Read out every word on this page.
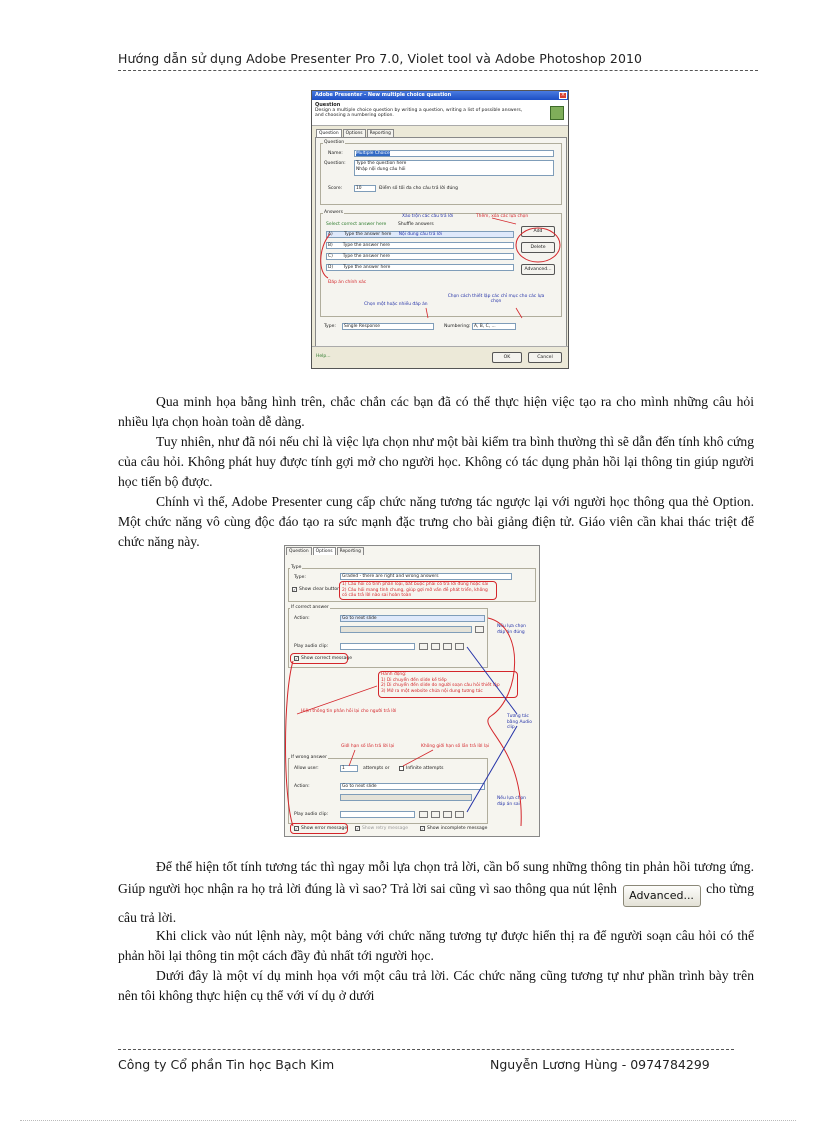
Hướng dẫn sử dụng Adobe Presenter Pro 7.0, Violet tool và Adobe Photoshop 2010
Adobe Presenter - New multiple choice question	×
Question

Design a multiple choice question by writing a question, writing a list of possible answers, and choosing a numbering option.
Question	Options	Reporting
Question
Name:	Multiple Choice
Question:	Type the question here
Nhập nội dung câu hỏi
Score:	10	Điểm số tối đa cho câu trả lời đúng
Answers
Select correct answer here	Shuffle answers
Xáo trộn các câu trả lời	Thêm, xóa các lựa chọn
A)	Type the answer here Nội dung câu trả lời
B) Type the answer here
C) Type the answer here
D) Type the answer here
Add
Delete
Advanced...
Đáp án chính xác
Chọn một hoặc nhiều đáp án
Chọn cách thiết lập các chỉ mục cho các lựa chọn
Type:	Single Response	Numbering: A, B, C, ...
Help...	OK	Cancel

Qua minh họa bằng hình trên, chắc chắn các bạn đã có thể thực hiện việc tạo ra cho mình những câu hỏi nhiều lựa chọn hoàn toàn dễ dàng.

Tuy nhiên, như đã nói nếu chỉ là việc lựa chọn như một bài kiểm tra bình thường thì sẽ dẫn đến tính khô cứng của câu hỏi. Không phát huy được tính gợi mở cho người học. Không có tác dụng phản hồi lại thông tin giúp người học tiến bộ được.

Chính vì thế, Adobe Presenter cung cấp chức năng tương tác ngược lại với người học thông qua thẻ Option. Một chức năng vô cùng độc đáo tạo ra sức mạnh đặc trưng cho bài giảng điện tử. Giáo viên cần khai thác triệt để chức năng này.

Question	Options	Reporting
Type
Type:	Graded - there are right and wrong answers
✓ Show clear button
1) Câu hỏi có tính phân loại, bắt buộc phải có trả lời đúng hoặc sai
2) Câu hỏi mang tính chung, giúp gợi mở vấn đề phát triển, không có câu trả lời nào sai hoàn toàn
If correct answer
Action:	Go to next slide
Play audio clip:
✓ Show correct message
Nếu lựa chọn đáp án đúng
Hành động:
1) Di chuyển đến slide kế tiếp
2) Di chuyển đến slide do người soạn câu hỏi thiết lập
3) Mở ra một website chứa nội dung tương tác
Hiện thông tin phản hồi lại cho người trả lời
Tương tác bằng Audio clip
Giới hạn số lần trả lời lại	Không giới hạn số lần trả lời lại
If wrong answer
Allow user:	1	attempts or	Infinite attempts
Action:	Go to next slide
Play audio clip:
Nếu lựa chọn đáp án sai
✓ Show error message ✓ Show retry message	✓ Show incomplete message

Để thể hiện tốt tính tương tác thì ngay mỗi lựa chọn trả lời, cần bổ sung những thông tin phản hồi tương ứng. Giúp người học nhận ra họ trả lời đúng là vì sao? Trả lời sai cũng vì sao thông qua nút lệnh Advanced... cho từng câu trả lời.

Khi click vào nút lệnh này, một bảng với chức năng tương tự được hiển thị ra để người soạn câu hỏi có thể phản hồi lại thông tin một cách đầy đủ nhất tới người học.

Dưới đây là một ví dụ minh họa với một câu trả lời. Các chức năng cũng tương tự như phần trình bày trên nên tôi không thực hiện cụ thể với ví dụ ở dưới

Công ty Cổ phần Tin học Bạch Kim	Nguyễn Lương Hùng - 0974784299
